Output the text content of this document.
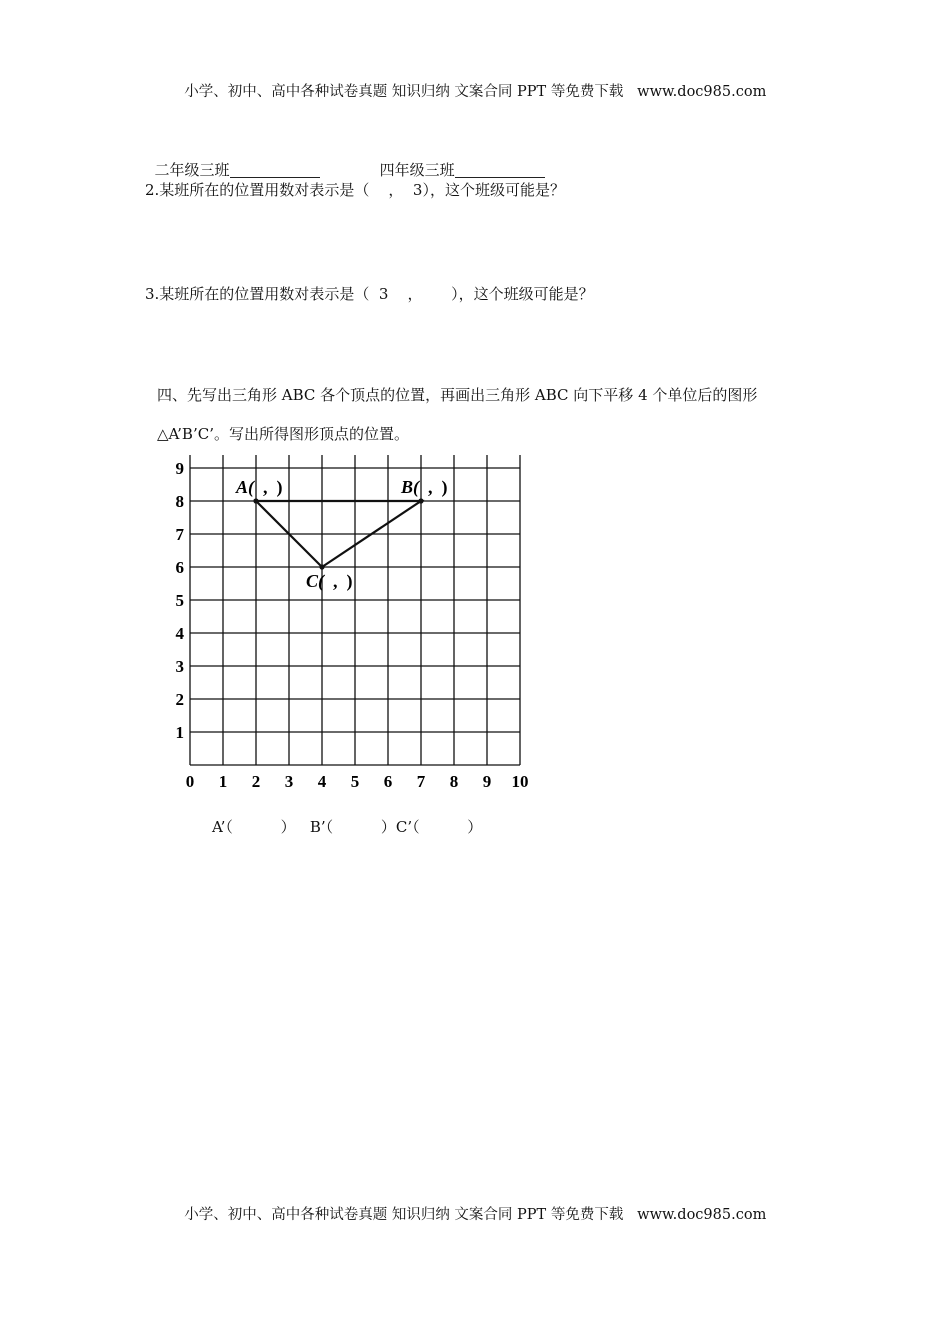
小学、初中、高中各种试卷真题 知识归纳 文案合同 PPT 等免费下载 www.doc985.com

二年级三班	四年级三班

2.某班所在的位置用数对表示是（    ，  3），这个班级可能是？
3.某班所在的位置用数对表示是（  3    ，      ），这个班级可能是？
四、先写出三角形 ABC 各个顶点的位置，再画出三角形 ABC 向下平移 4 个单位后的图形
△A’B’C’。写出所得图形顶点的位置。
0 1 2 3 4 5 6 7 8 9 10
1
2
3
4
5
6
7
8
9
A(  ,  )	B(  ,  )
C(  ,  )
A’（          ）   B’（          ）C’（          ）

小学、初中、高中各种试卷真题 知识归纳 文案合同 PPT 等免费下载 www.doc985.com
